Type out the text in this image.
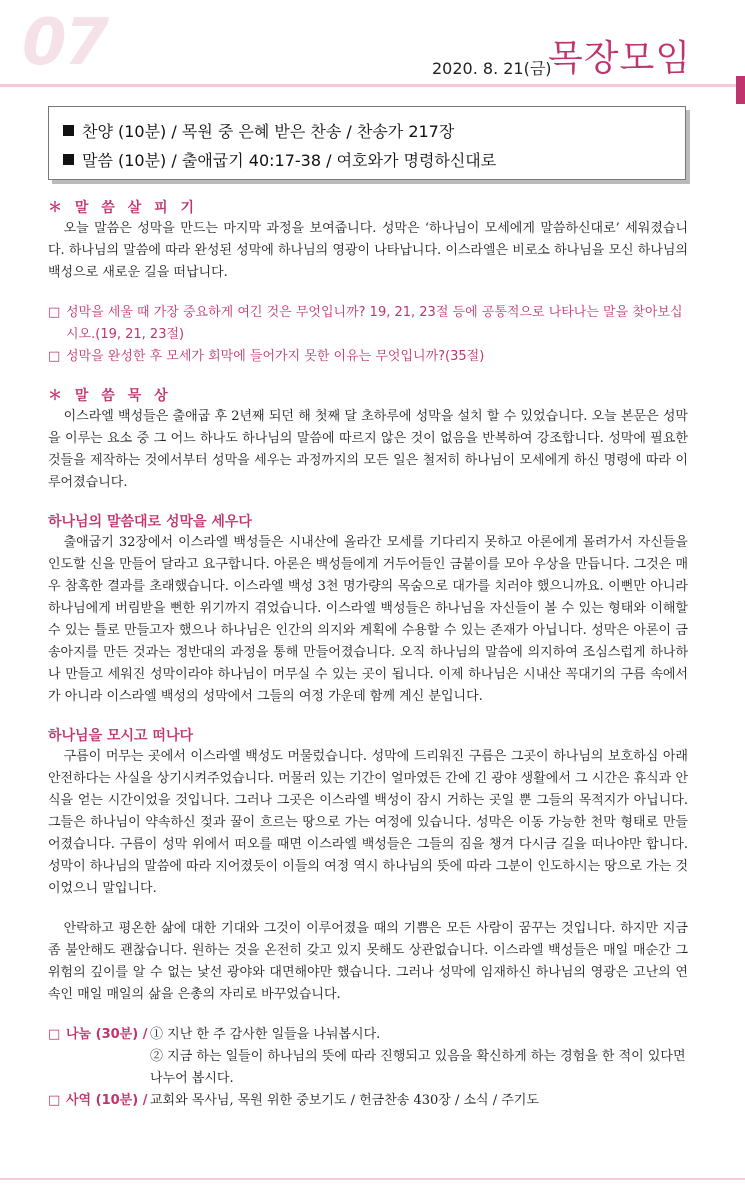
07	2020. 8. 21(금)
목장모임
찬양 (10분) / 목원 중 은혜 받은 찬송 / 찬송가 217장
말씀 (10분) / 출애굽기 40:17-38 / 여호와가 명령하신대로
＊ 말 씀 살 피 기

오늘 말씀은 성막을 만드는 마지막 과정을 보여줍니다. 성막은 ‘하나님이 모세에게 말씀하신대로’ 세워졌습니다. 하나님의 말씀에 따라 완성된 성막에 하나님의 영광이 나타납니다. 이스라엘은 비로소 하나님을 모신 하나님의 백성으로 새로운 길을 떠납니다.

□ 성막을 세울 때 가장 중요하게 여긴 것은 무엇입니까? 19, 21, 23절 등에 공통적으로 나타나는 말을 찾아보십시오.(19, 21, 23절)
□ 성막을 완성한 후 모세가 회막에 들어가지 못한 이유는 무엇입니까?(35절)
＊ 말 씀 묵 상

이스라엘 백성들은 출애굽 후 2년째 되던 해 첫째 달 초하루에 성막을 설치 할 수 있었습니다. 오늘 본문은 성막을 이루는 요소 중 그 어느 하나도 하나님의 말씀에 따르지 않은 것이 없음을 반복하여 강조합니다. 성막에 필요한 것들을 제작하는 것에서부터 성막을 세우는 과정까지의 모든 일은 철저히 하나님이 모세에게 하신 명령에 따라 이루어졌습니다.

하나님의 말씀대로 성막을 세우다

출애굽기 32장에서 이스라엘 백성들은 시내산에 올라간 모세를 기다리지 못하고 아론에게 몰려가서 자신들을 인도할 신을 만들어 달라고 요구합니다. 아론은 백성들에게 거두어들인 금붙이를 모아 우상을 만듭니다. 그것은 매우 참혹한 결과를 초래했습니다. 이스라엘 백성 3천 명가량의 목숨으로 대가를 치러야 했으니까요. 이뻔만 아니라 하나님에게 버림받을 뻔한 위기까지 겪었습니다. 이스라엘 백성들은 하나님을 자신들이 볼 수 있는 형태와 이해할 수 있는 틀로 만들고자 했으나 하나님은 인간의 의지와 계획에 수용할 수 있는 존재가 아닙니다. 성막은 아론이 금송아지를 만든 것과는 정반대의 과정을 통해 만들어졌습니다. 오직 하나님의 말씀에 의지하여 조심스럽게 하나하나 만들고 세워진 성막이라야 하나님이 머무실 수 있는 곳이 됩니다. 이제 하나님은 시내산 꼭대기의 구름 속에서가 아니라 이스라엘 백성의 성막에서 그들의 여정 가운데 함께 계신 분입니다.

하나님을 모시고 떠나다

구름이 머무는 곳에서 이스라엘 백성도 머물렀습니다. 성막에 드리워진 구름은 그곳이 하나님의 보호하심 아래 안전하다는 사실을 상기시켜주었습니다. 머물러 있는 기간이 얼마였든 간에 긴 광야 생활에서 그 시간은 휴식과 안식을 얻는 시간이었을 것입니다. 그러나 그곳은 이스라엘 백성이 잠시 거하는 곳일 뿐 그들의 목적지가 아닙니다. 그들은 하나님이 약속하신 젖과 꿀이 흐르는 땅으로 가는 여정에 있습니다. 성막은 이동 가능한 천막 형태로 만들어졌습니다. 구름이 성막 위에서 떠오를 때면 이스라엘 백성들은 그들의 짐을 챙겨 다시금 길을 떠나야만 합니다. 성막이 하나님의 말씀에 따라 지어졌듯이 이들의 여정 역시 하나님의 뜻에 따라 그분이 인도하시는 땅으로 가는 것이었으니 말입니다.

안락하고 평온한 삶에 대한 기대와 그것이 이루어졌을 때의 기쁨은 모든 사람이 꿈꾸는 것입니다. 하지만 지금 좀 불안해도 괜찮습니다. 원하는 것을 온전히 갖고 있지 못해도 상관없습니다. 이스라엘 백성들은 매일 매순간 그 위험의 깊이를 알 수 없는 낯선 광야와 대면해야만 했습니다. 그러나 성막에 임재하신 하나님의 영광은 고난의 연속인 매일 매일의 삶을 은총의 자리로 바꾸었습니다.

□ 나눔 (30분) / ① 지난 한 주 감사한 일들을 나눠봅시다.
② 지금 하는 일들이 하나님의 뜻에 따라 진행되고 있음을 확신하게 하는 경험을 한 적이 있다면 나누어 봅시다.
□ 사역 (10분) / 교회와 목사님, 목원 위한 중보기도 / 헌금찬송 430장 / 소식 / 주기도
